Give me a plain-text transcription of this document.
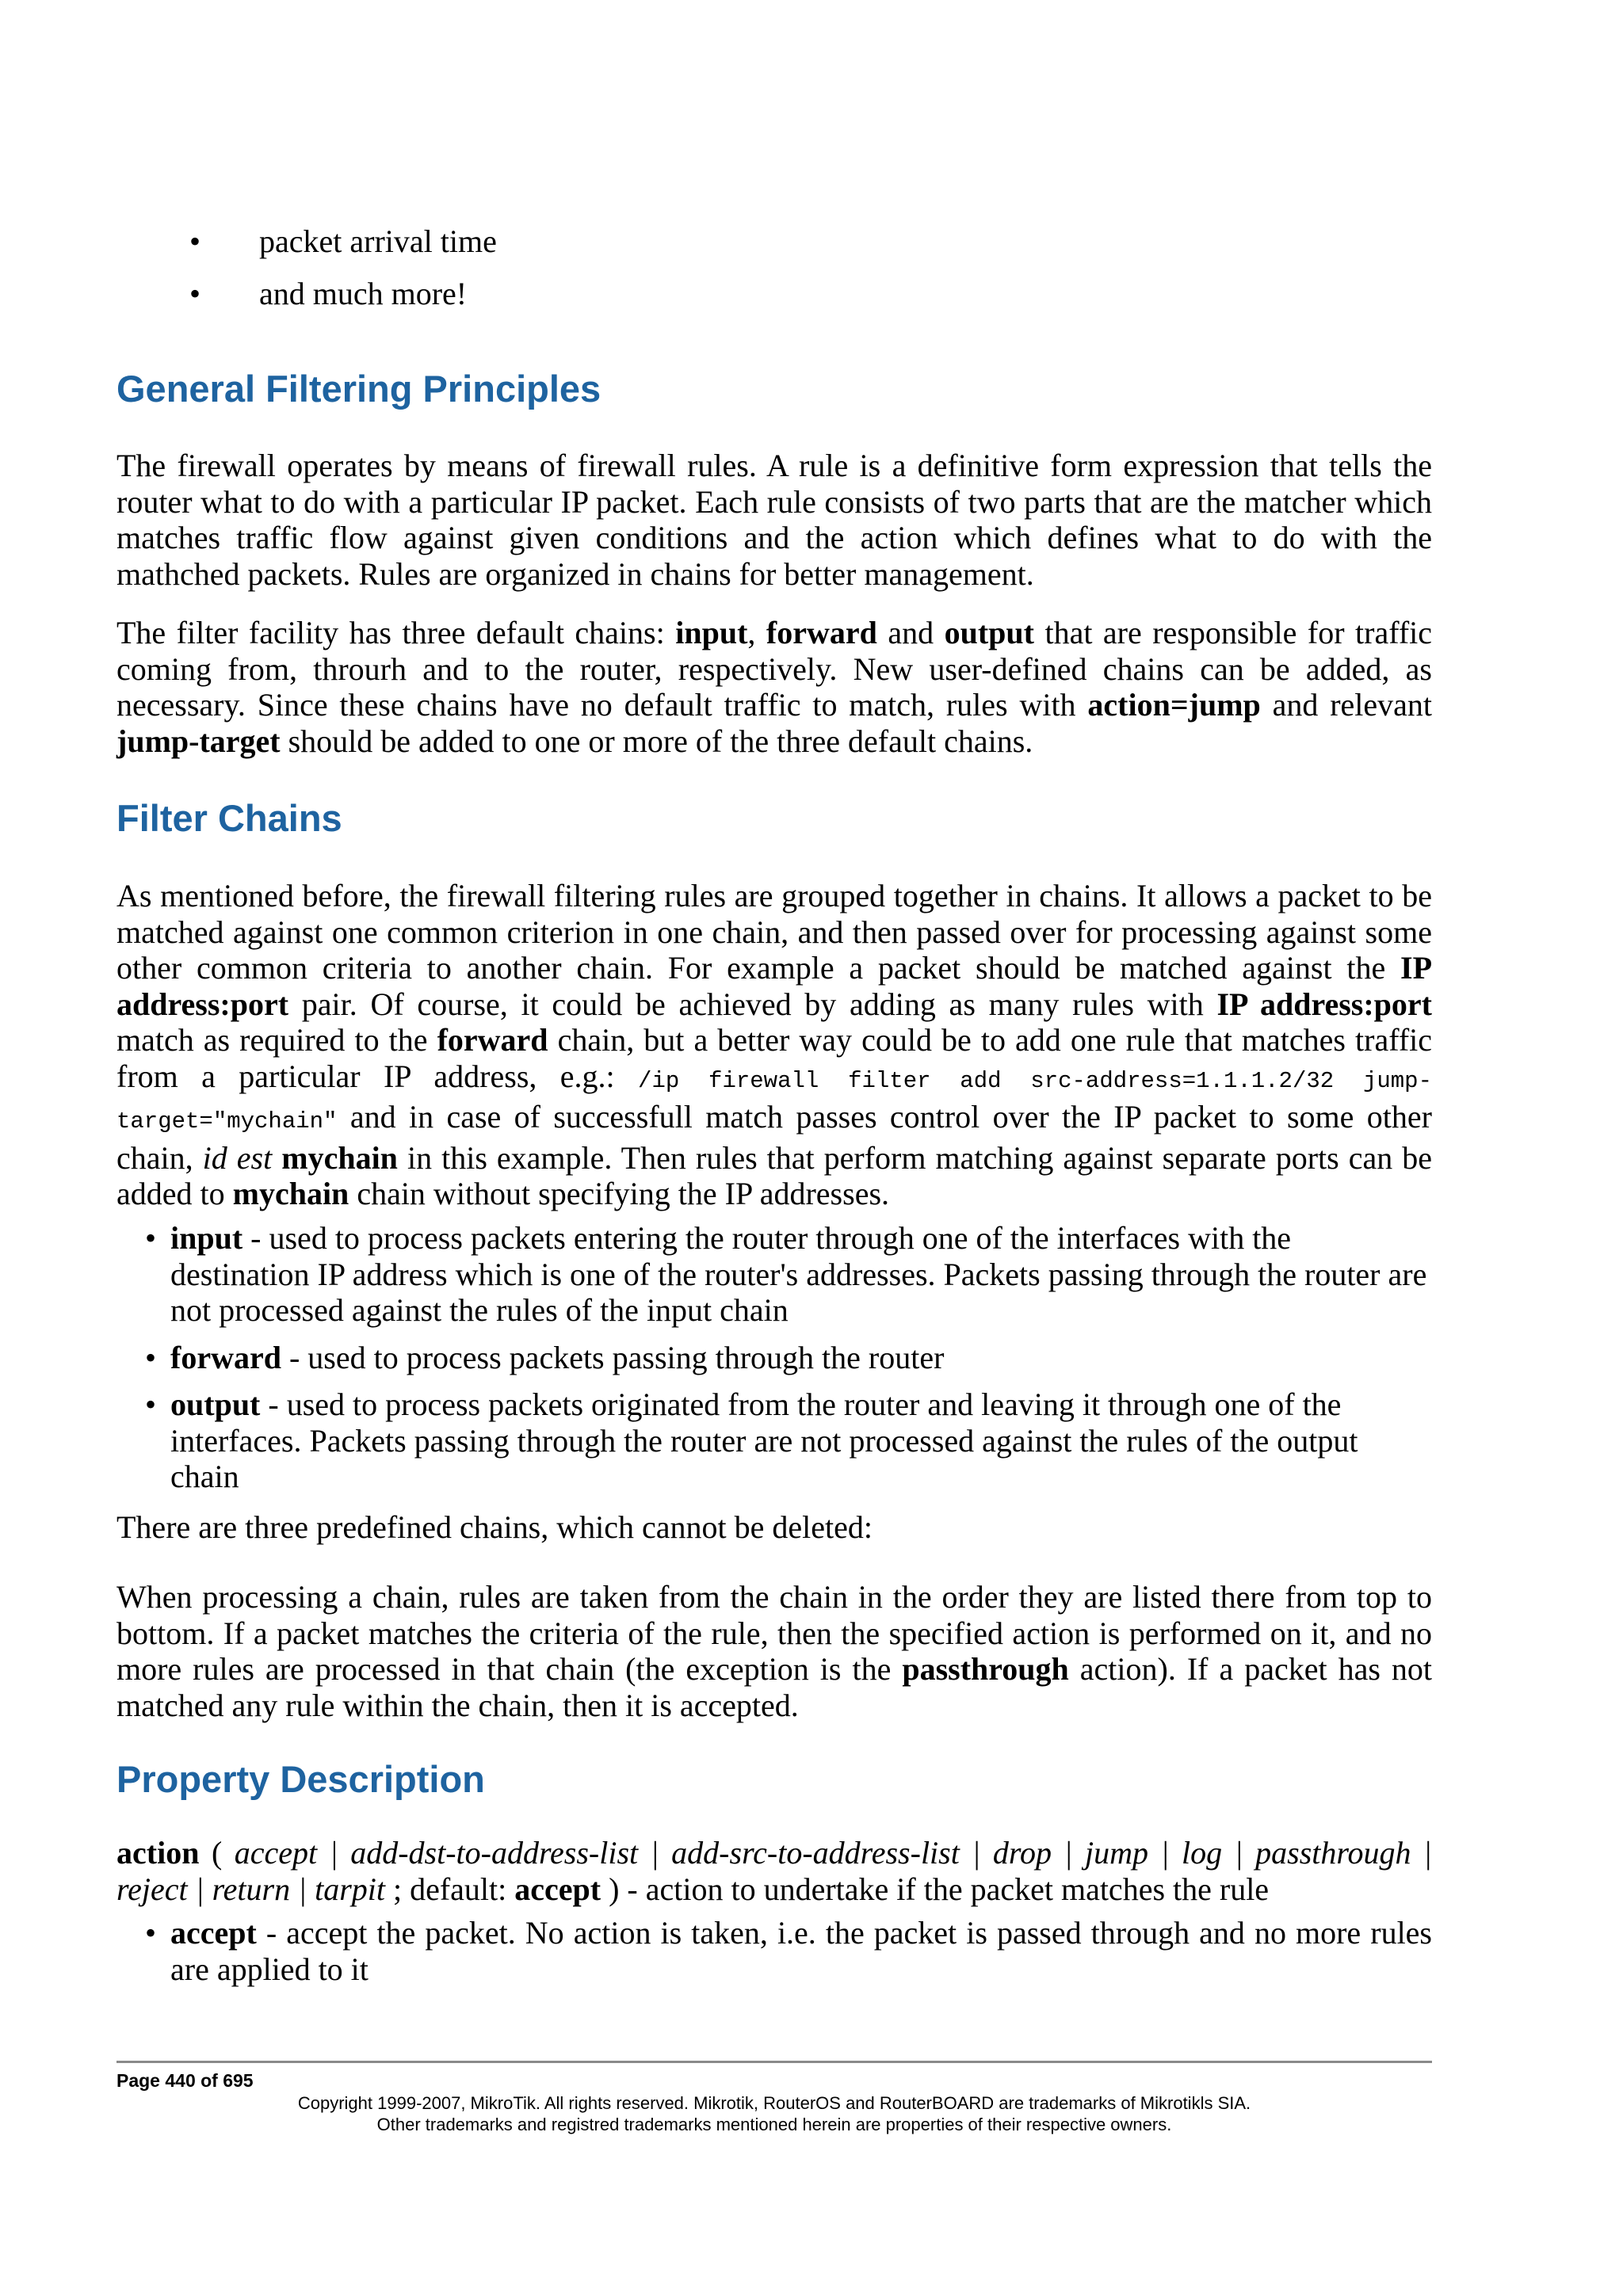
• packet arrival time
• and much more!
General Filtering Principles

The firewall operates by means of firewall rules. A rule is a definitive form expression that tells the router what to do with a particular IP packet. Each rule consists of two parts that are the matcher which matches traffic flow against given conditions and the action which defines what to do with the mathched packets. Rules are organized in chains for better management.

The filter facility has three default chains: input, forward and output that are responsible for traffic coming from, throurh and to the router, respectively. New user-defined chains can be added, as necessary. Since these chains have no default traffic to match, rules with action=jump and relevant jump-target should be added to one or more of the three default chains.

Filter Chains

As mentioned before, the firewall filtering rules are grouped together in chains. It allows a packet to be matched against one common criterion in one chain, and then passed over for processing against some other common criteria to another chain. For example a packet should be matched against the IP address:port pair. Of course, it could be achieved by adding as many rules with IP address:port match as required to the forward chain, but a better way could be to add one rule that matches traffic from a particular IP address, e.g.: /ip firewall filter add src-address=1.1.1.2/32 jump-target="mychain" and in case of successfull match passes control over the IP packet to some other chain, id est mychain in this example. Then rules that perform matching against separate ports can be added to mychain chain without specifying the IP addresses.

• input - used to process packets entering the router through one of the interfaces with the destination IP address which is one of the router's addresses. Packets passing through the router are not processed against the rules of the input chain
• forward - used to process packets passing through the router
• output - used to process packets originated from the router and leaving it through one of the interfaces. Packets passing through the router are not processed against the rules of the output chain

There are three predefined chains, which cannot be deleted:

When processing a chain, rules are taken from the chain in the order they are listed there from top to bottom. If a packet matches the criteria of the rule, then the specified action is performed on it, and no more rules are processed in that chain (the exception is the passthrough action). If a packet has not matched any rule within the chain, then it is accepted.

Property Description

action ( accept | add-dst-to-address-list | add-src-to-address-list | drop | jump | log | passthrough | reject | return | tarpit ; default: accept ) - action to undertake if the packet matches the rule

• accept - accept the packet. No action is taken, i.e. the packet is passed through and no more rules are applied to it
Page 440 of 695
Copyright 1999-2007, MikroTik. All rights reserved. Mikrotik, RouterOS and RouterBOARD are trademarks of Mikrotikls SIA.
Other trademarks and registred trademarks mentioned herein are properties of their respective owners.
